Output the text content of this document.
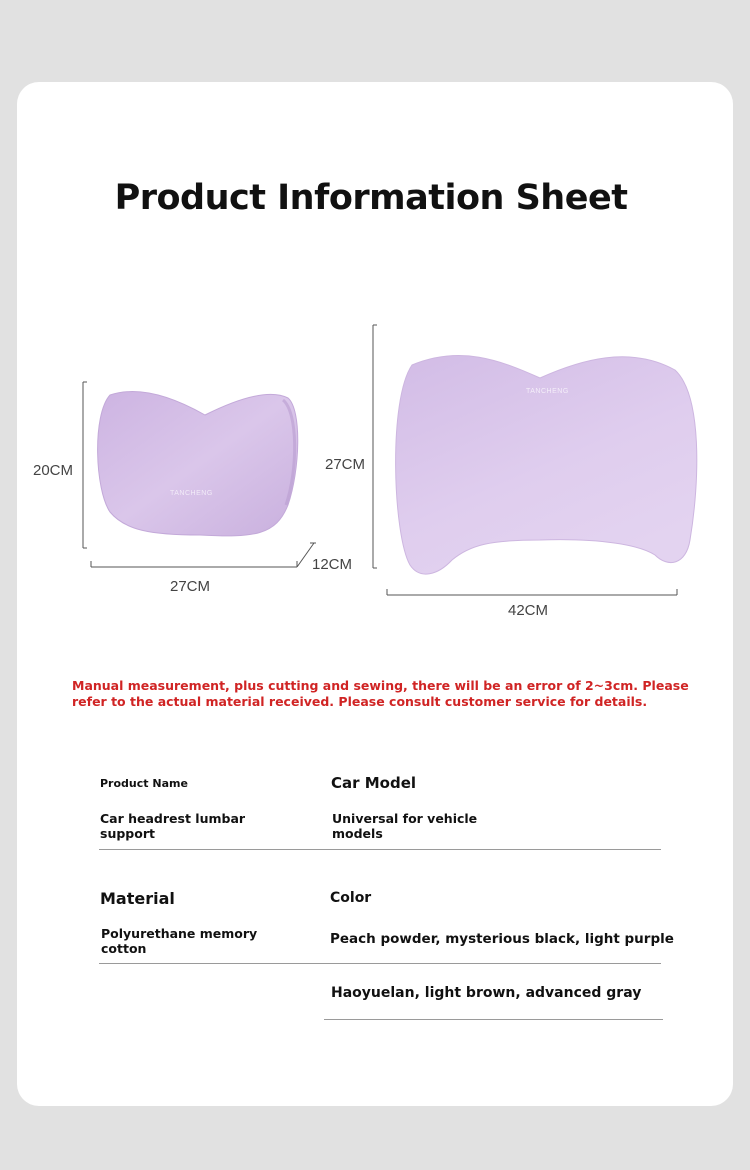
Product Information Sheet
20CM
27CM
12CM
TANCHENG
27CM
42CM
TANCHENG
Manual measurement, plus cutting and sewing, there will be an error of 2~3cm. Please refer to the actual material received. Please consult customer service for details.
Product Name	Car Model
Car headrest lumbar support
Universal for vehicle models
Material	Color
Polyurethane memory cotton
Peach powder, mysterious black, light purple
Haoyuelan, light brown, advanced gray
